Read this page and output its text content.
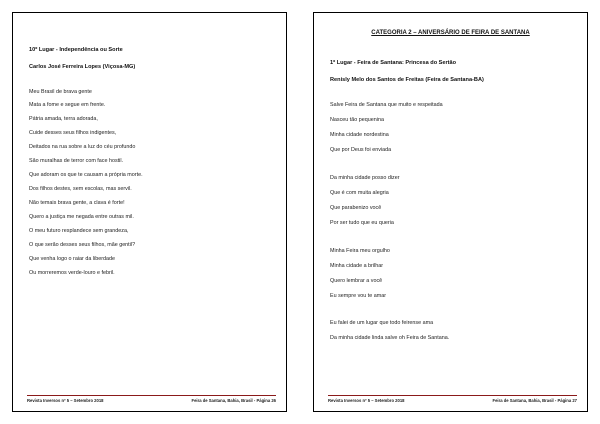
10º Lugar - Independência ou Sorte
Carlos José Ferreira Lopes (Viçosa-MG)
Meu Brasil de brava gente
Mata a fome e segue em frente.
Pátria amada, terra adorada,
Cuide desses seus filhos indigentes,
Deitados na rua sobre a luz do céu profundo
São muralhas de terror com face hostil.
Que adoram os que te causam a própria morte.
Dos filhos destes, sem escolas, mas servil.
Não temais brava gente, a clava é forte!
Quero a justiça me negada entre outras mil.
O meu futuro resplandece sem grandeza,
O que serão desses seus filhos, mãe gentil?
Que venha logo o raiar da liberdade
Ou morreremos verde-louro e febril.
Revista Inversos nº 5 – Setembro 2018	Feira de Santana, Bahia, Brasil - Página 26
CATEGORIA 2 – ANIVERSÁRIO DE FEIRA DE SANTANA
1º Lugar - Feira de Santana: Princesa do Sertão
Renisly Melo dos Santos de Freitas (Feira de Santana-BA)
Salve Feira de Santana que muito e respeitada
Nasceu tão pequenina
Minha cidade nordestina
Que por Deus foi enviada
Da minha cidade posso dizer
Que é com muita alegria
Que parabenizo você
Por ser tudo que eu queria
Minha Feira meu orgulho
Minha cidade a brilhar
Quero lembrar a você
Eu sempre vou te amar
Eu falei de um lugar que todo feirense ama
Da minha cidade linda salve oh Feira de Santana.
Revista Inversos nº 5 – Setembro 2018	Feira de Santana, Bahia, Brasil - Página 27
